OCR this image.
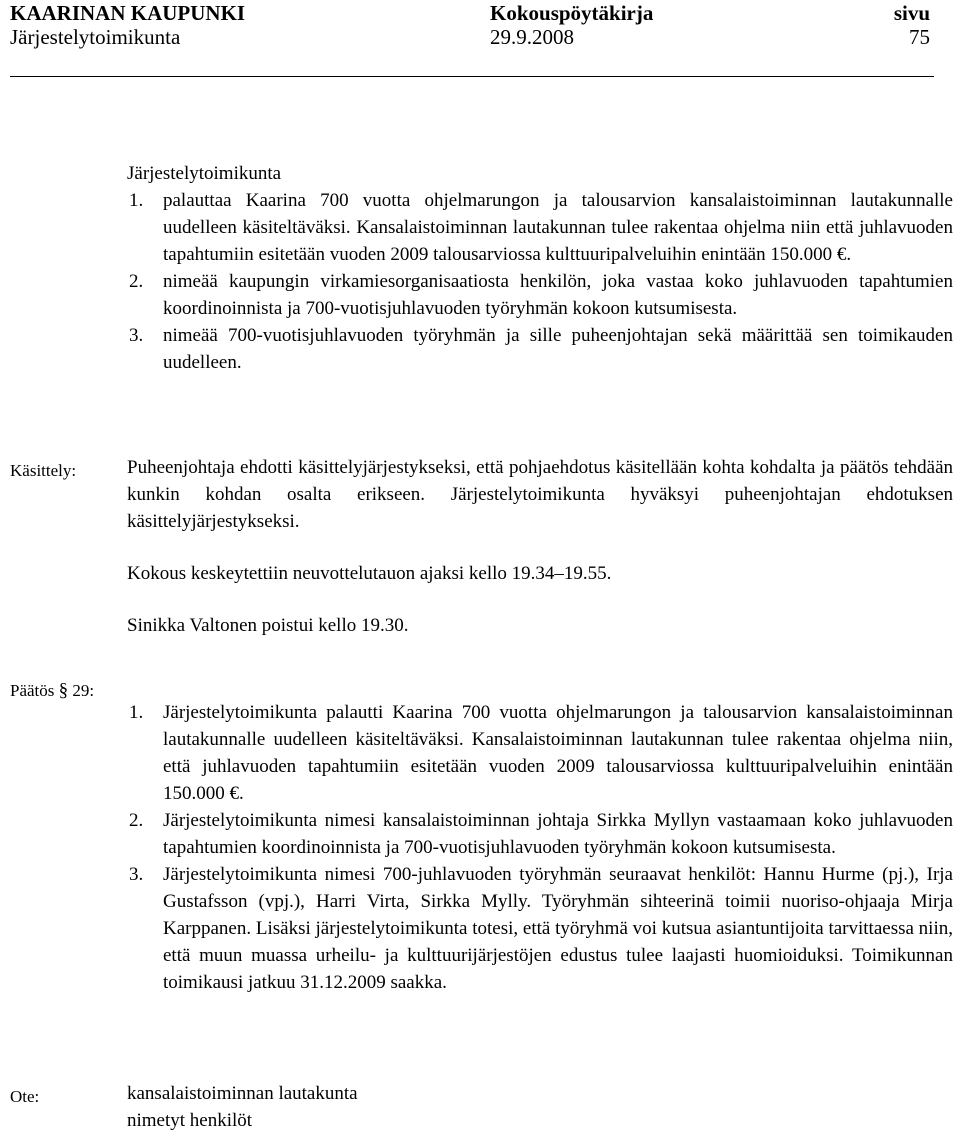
KAARINAN KAUPUNKI	Kokouspöytäkirja	sivu
Järjestelytoimikunta	29.9.2008	75
Järjestelytoimikunta
1. palauttaa Kaarina 700 vuotta ohjelmarungon ja talousarvion kansalaistoiminnan lautakunnalle uudelleen käsiteltäväksi. Kansalaistoiminnan lautakunnan tulee rakentaa ohjelma niin että juhlavuoden tapahtumiin esitetään vuoden 2009 talousarviossa kulttuuripalveluihin enintään 150.000 €.
2. nimeää kaupungin virkamiesorganisaatiosta henkilön, joka vastaa koko juhlavuoden tapahtumien koordinoinnista ja 700-vuotisjuhlavuoden työryhmän kokoon kutsumisesta.
3. nimeää 700-vuotisjuhlavuoden työryhmän ja sille puheenjohtajan sekä määrittää sen toimikauden uudelleen.
Käsittely:	Puheenjohtaja ehdotti käsittelyjärjestykseksi, että pohjaehdotus käsitellään kohta kohdalta ja päätös tehdään kunkin kohdan osalta erikseen. Järjestelytoimikunta hyväksyi puheenjohtajan ehdotuksen käsittelyjärjestykseksi.
Kokous keskeytettiin neuvottelutauon ajaksi kello 19.34–19.55.
Sinikka Valtonen poistui kello 19.30.
Päätös § 29:
1. Järjestelytoimikunta palautti Kaarina 700 vuotta ohjelmarungon ja talousarvion kansalaistoiminnan lautakunnalle uudelleen käsiteltäväksi. Kansalaistoiminnan lautakunnan tulee rakentaa ohjelma niin, että juhlavuoden tapahtumiin esitetään vuoden 2009 talousarviossa kulttuuripalveluihin enintään 150.000 €.
2. Järjestelytoimikunta nimesi kansalaistoiminnan johtaja Sirkka Myllyn vastaamaan koko juhlavuoden tapahtumien koordinoinnista ja 700-vuotisjuhlavuoden työryhmän kokoon kutsumisesta.
3. Järjestelytoimikunta nimesi 700-juhlavuoden työryhmän seuraavat henkilöt: Hannu Hurme (pj.), Irja Gustafsson (vpj.), Harri Virta, Sirkka Mylly. Työryhmän sihteerinä toimii nuoriso-ohjaaja Mirja Karppanen. Lisäksi järjestelytoimikunta totesi, että työryhmä voi kutsua asiantuntijoita tarvittaessa niin, että muun muassa urheilu- ja kulttuurijärjestöjen edustus tulee laajasti huomioiduksi. Toimikunnan toimikausi jatkuu 31.12.2009 saakka.
Ote:	kansalaistoiminnan lautakunta
nimetyt henkilöt
